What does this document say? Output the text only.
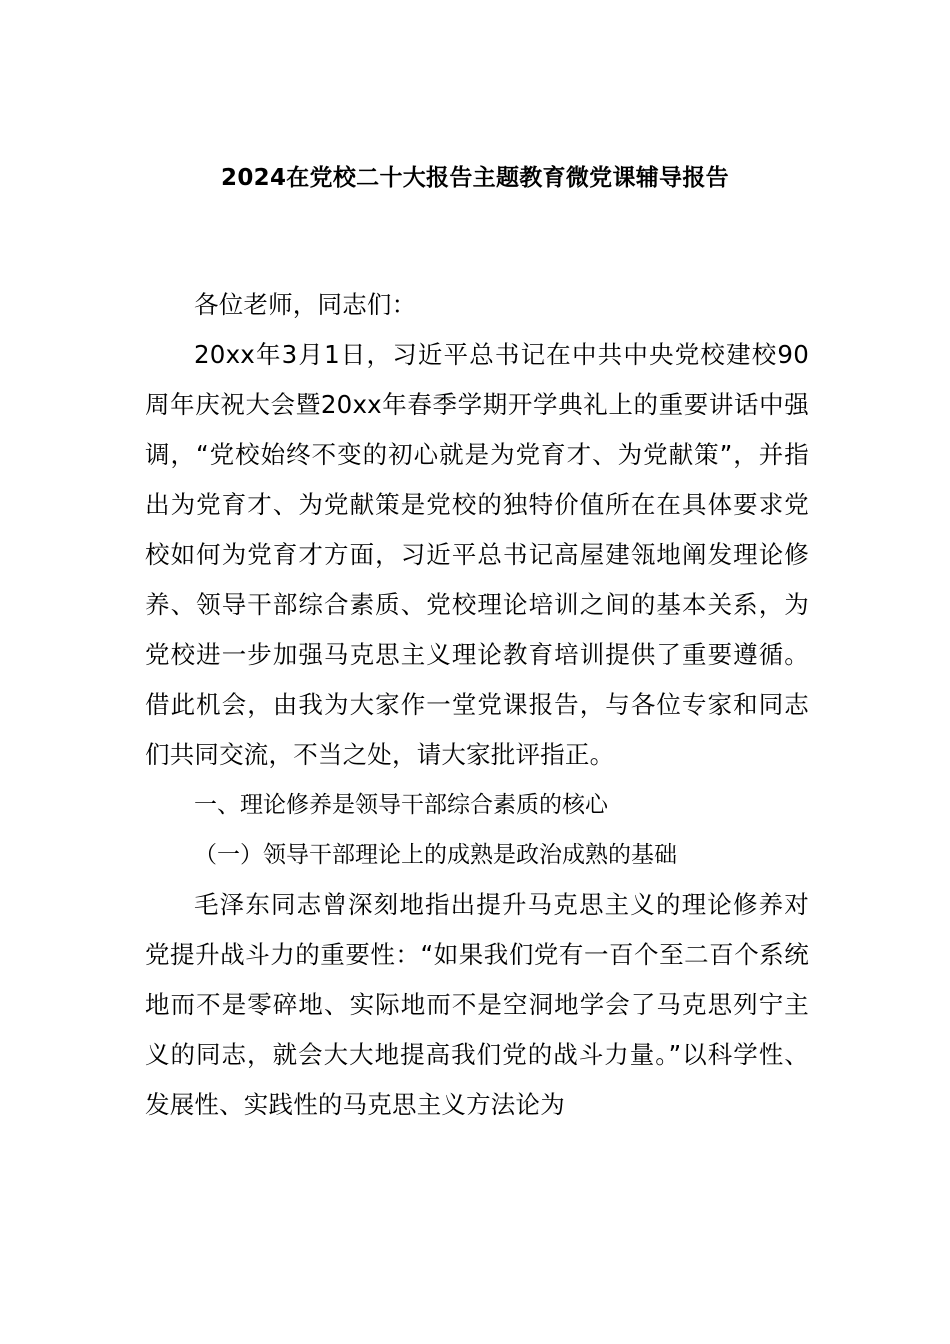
2024在党校二十大报告主题教育微党课辅导报告

各位老师，同志们：

20xx年3月1日，习近平总书记在中共中央党校建校90周年庆祝大会暨20xx年春季学期开学典礼上的重要讲话中强调，“党校始终不变的初心就是为党育才、为党献策”，并指出为党育才、为党献策是党校的独特价值所在在具体要求党校如何为党育才方面，习近平总书记高屋建瓴地阐发理论修养、领导干部综合素质、党校理论培训之间的基本关系，为党校进一步加强马克思主义理论教育培训提供了重要遵循。借此机会，由我为大家作一堂党课报告，与各位专家和同志们共同交流，不当之处，请大家批评指正。

一、理论修养是领导干部综合素质的核心

（一）领导干部理论上的成熟是政治成熟的基础

毛泽东同志曾深刻地指出提升马克思主义的理论修养对党提升战斗力的重要性：“如果我们党有一百个至二百个系统地而不是零碎地、实际地而不是空洞地学会了马克思列宁主义的同志，就会大大地提高我们党的战斗力量。”以科学性、发展性、实践性的马克思主义方法论为
